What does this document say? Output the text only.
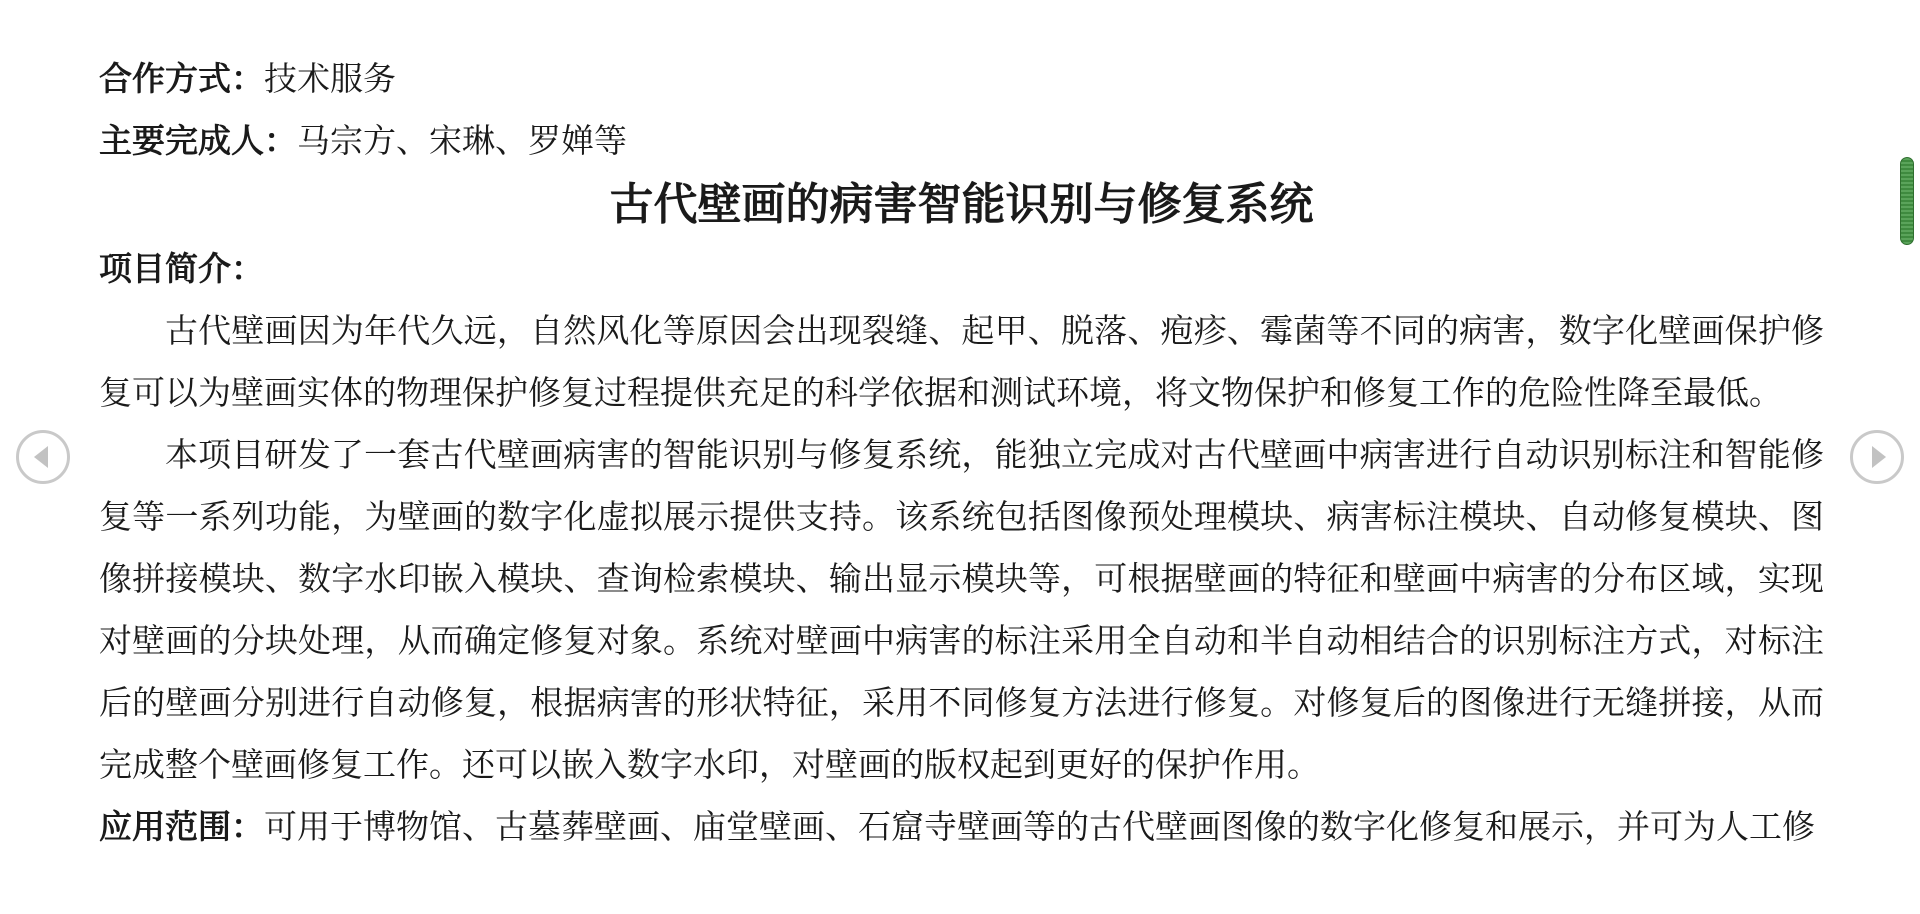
合作方式：技术服务
主要完成人：马宗方、宋琳、罗婵等
古代壁画的病害智能识别与修复系统
项目简介：
古代壁画因为年代久远，自然风化等原因会出现裂缝、起甲、脱落、疱疹、霉菌等不同的病害，数字化壁画保护修复可以为壁画实体的物理保护修复过程提供充足的科学依据和测试环境，将文物保护和修复工作的危险性降至最低。
本项目研发了一套古代壁画病害的智能识别与修复系统，能独立完成对古代壁画中病害进行自动识别标注和智能修复等一系列功能，为壁画的数字化虚拟展示提供支持。该系统包括图像预处理模块、病害标注模块、自动修复模块、图像拼接模块、数字水印嵌入模块、查询检索模块、输出显示模块等，可根据壁画的特征和壁画中病害的分布区域，实现对壁画的分块处理，从而确定修复对象。系统对壁画中病害的标注采用全自动和半自动相结合的识别标注方式，对标注后的壁画分别进行自动修复，根据病害的形状特征，采用不同修复方法进行修复。对修复后的图像进行无缝拼接，从而完成整个壁画修复工作。还可以嵌入数字水印，对壁画的版权起到更好的保护作用。
应用范围：可用于博物馆、古墓葬壁画、庙堂壁画、石窟寺壁画等的古代壁画图像的数字化修复和展示，并可为人工修
